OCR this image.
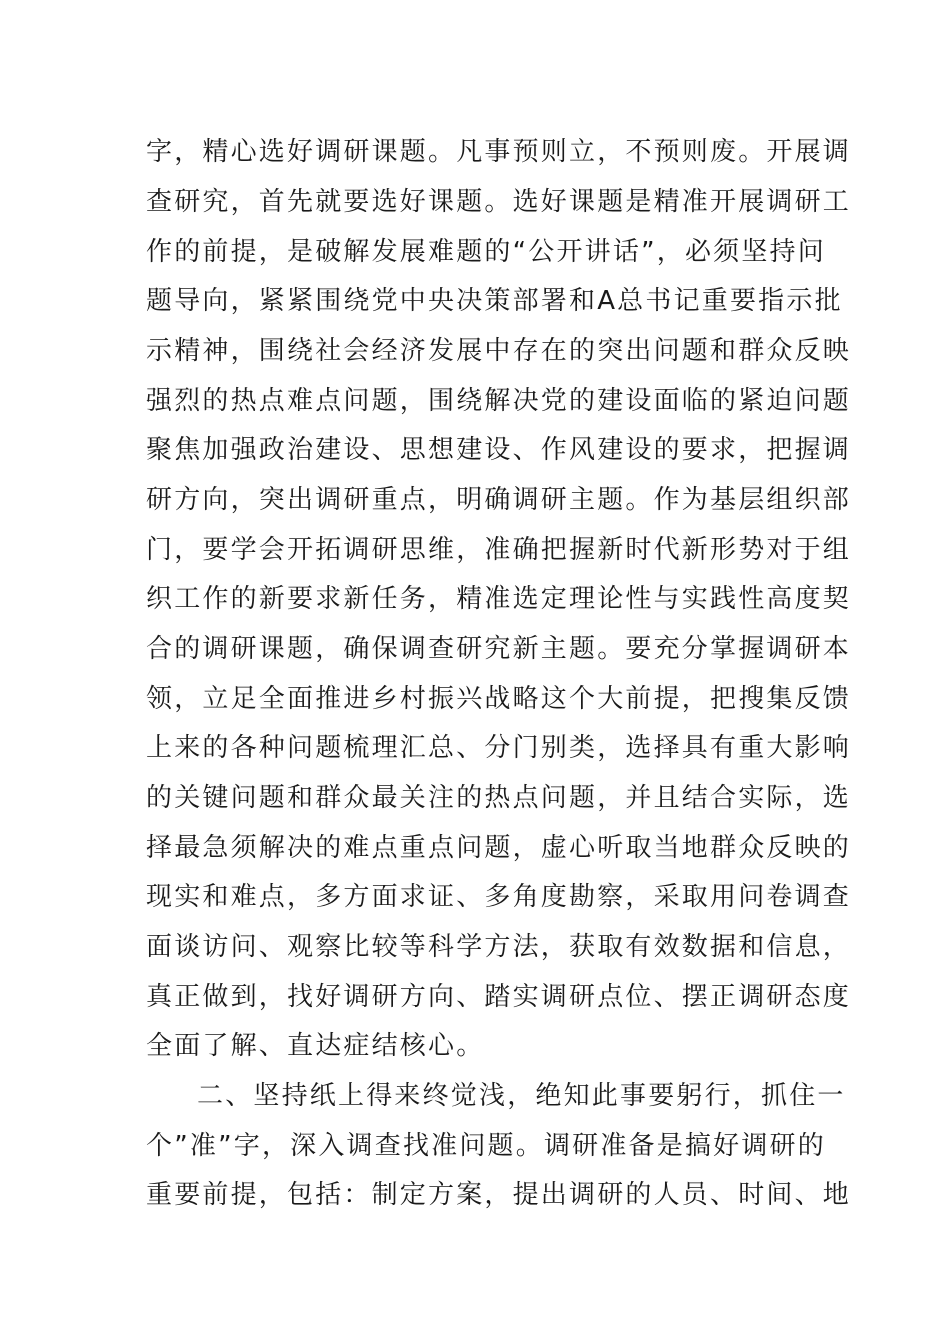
字，精心选好调研课题。凡事预则立，不预则废。开展调
查研究，首先就要选好课题。选好课题是精准开展调研工
作的前提，是破解发展难题的“公开讲话”，必须坚持问
题导向，紧紧围绕党中央决策部署和A总书记重要指示批
示精神，围绕社会经济发展中存在的突出问题和群众反映
强烈的热点难点问题，围绕解决党的建设面临的紧迫问题
聚焦加强政治建设、思想建设、作风建设的要求，把握调
研方向，突出调研重点，明确调研主题。作为基层组织部
门，要学会开拓调研思维，准确把握新时代新形势对于组
织工作的新要求新任务，精准选定理论性与实践性高度契
合的调研课题，确保调查研究新主题。要充分掌握调研本
领，立足全面推进乡村振兴战略这个大前提，把搜集反馈
上来的各种问题梳理汇总、分门别类，选择具有重大影响
的关键问题和群众最关注的热点问题，并且结合实际，选
择最急须解决的难点重点问题，虚心听取当地群众反映的
现实和难点，多方面求证、多角度勘察，采取用问卷调查
面谈访问、观察比较等科学方法，获取有效数据和信息，
真正做到，找好调研方向、踏实调研点位、摆正调研态度
全面了解、直达症结核心。
二、坚持纸上得来终觉浅，绝知此事要躬行，抓住一
个”准”字，深入调查找准问题。调研准备是搞好调研的
重要前提，包括：制定方案，提出调研的人员、时间、地
